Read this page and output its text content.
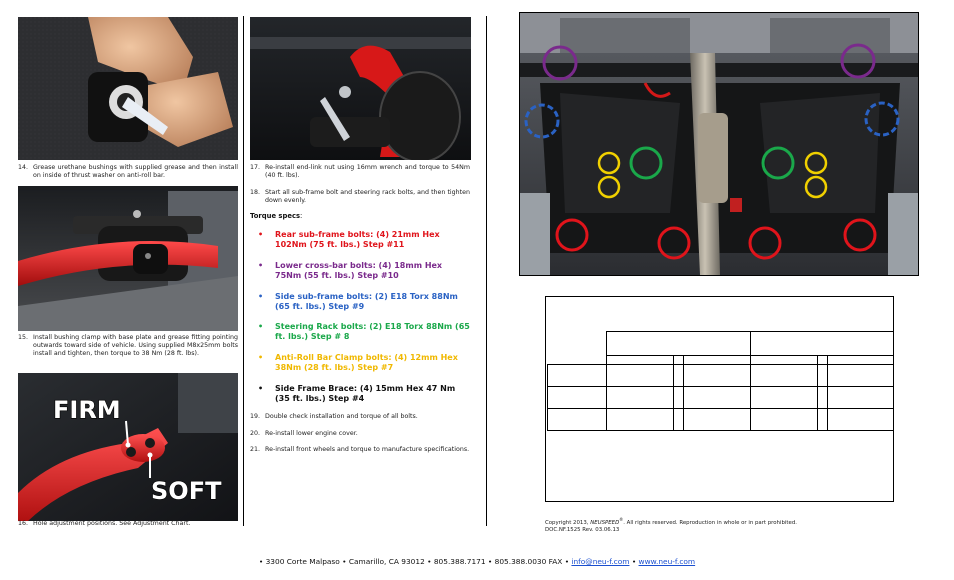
14. Grease urethane bushings with supplied grease and then install on inside of thrust washer on anti-roll bar.
15. Install bushing clamp with base plate and grease fitting pointing outwards toward side of vehicle. Using supplied M8x25mm bolts install and tighten, then torque to 38 Nm (28 ft. lbs).
FIRM
SOFT
16. Hole adjustment positions. See Adjustment Chart.
17. Re-install end-link nut using 16mm wrench and torque to 54Nm (40 ft. lbs).
18. Start all sub-frame bolt and steering rack bolts, and then tighten down evenly.
Torque specs:
• Rear sub-frame bolts: (4) 21mm Hex 102Nm (75 ft. lbs.) Step #11
• Lower cross-bar bolts: (4) 18mm Hex 75Nm (55 ft. lbs.) Step #10
• Side sub-frame bolts: (2) E18 Torx 88Nm (65 ft. lbs.) Step #9
• Steering Rack bolts: (2) E18 Torx 88Nm (65 ft. lbs.) Step # 8
• Anti-Roll Bar Clamp bolts: (4) 12mm Hex 38Nm (28 ft. lbs.) Step #7
• Side Frame Brace: (4) 15mm Hex 47 Nm (35 ft. lbs.) Step #4
19. Double check installation and torque of all bolts.
20. Re-install lower engine cover.
21. Re-install front wheels and torque to manufacture specifications.
Copyright 2013, NEUSPEED®. All rights reserved. Reproduction in whole or in part prohibited.
DOC.NF.1525 Rev. 03.06.13
• 3300 Corte Malpaso • Camarillo, CA 93012 • 805.388.7171 • 805.388.0030 FAX • info@neu-f.com • www.neu-f.com
